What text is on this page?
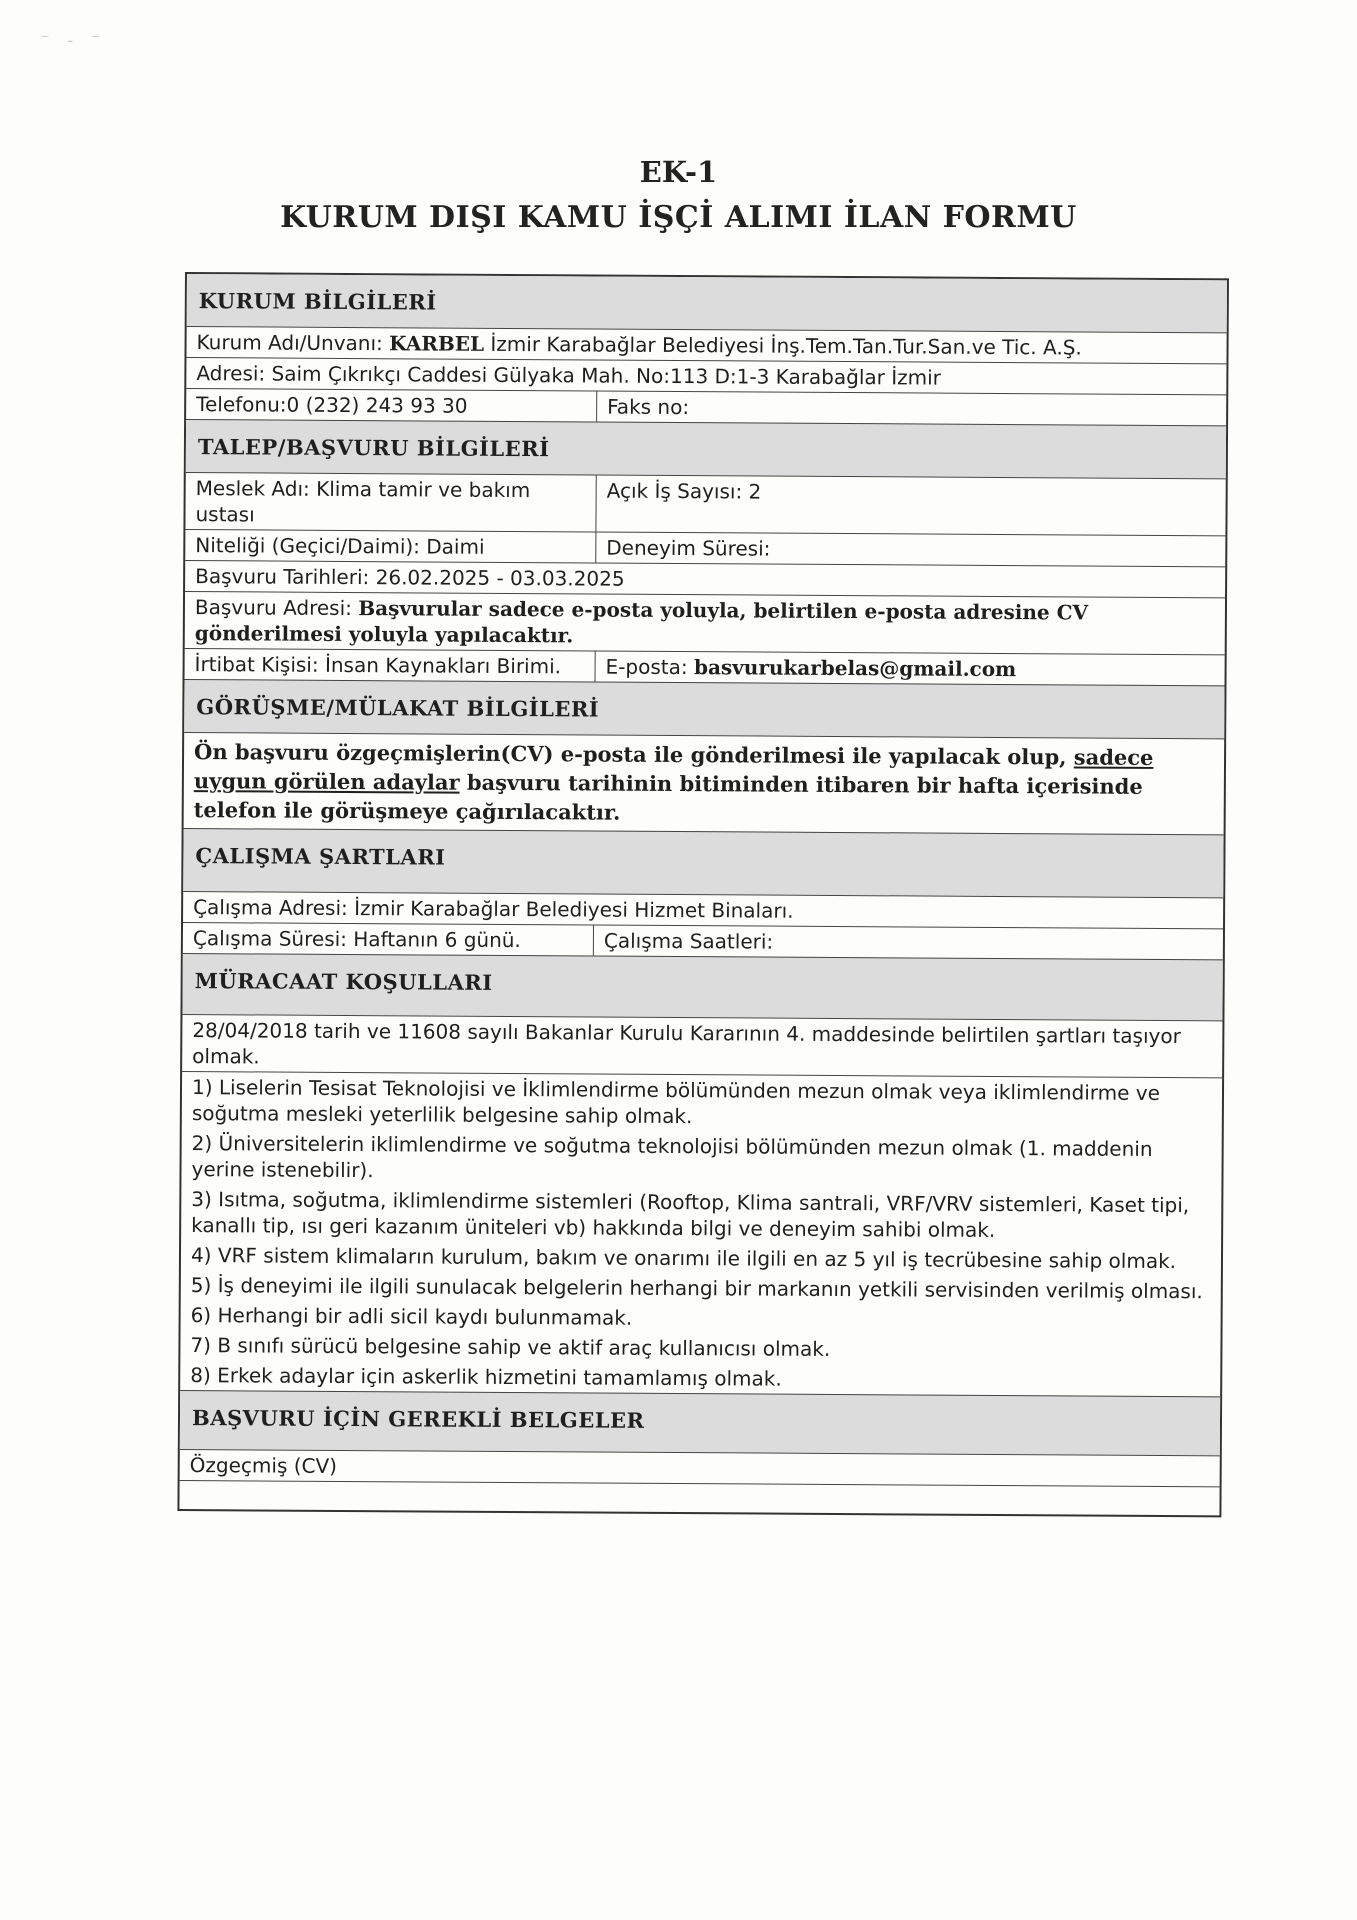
⁻ ˗ ⁻
EK-1
KURUM DIŞI KAMU İŞÇİ ALIMI İLAN FORMU
KURUM BİLGİLERİ
Kurum Adı/Unvanı: KARBEL İzmir Karabağlar Belediyesi İnş.Tem.Tan.Tur.San.ve Tic. A.Ş.
Adresi: Saim Çıkrıkçı Caddesi Gülyaka Mah. No:113 D:1-3 Karabağlar İzmir
Telefonu:0 (232) 243 93 30	Faks no:
TALEP/BAŞVURU BİLGİLERİ
Meslek Adı: Klima tamir ve bakım ustası
Açık İş Sayısı: 2
Niteliği (Geçici/Daimi): Daimi	Deneyim Süresi:
Başvuru Tarihleri: 26.02.2025 - 03.03.2025
Başvuru Adresi: Başvurular sadece e-posta yoluyla, belirtilen e-posta adresine CV gönderilmesi yoluyla yapılacaktır.
İrtibat Kişisi: İnsan Kaynakları Birimi.	E-posta: basvurukarbelas@gmail.com
GÖRÜŞME/MÜLAKAT BİLGİLERİ
Ön başvuru özgeçmişlerin(CV) e-posta ile gönderilmesi ile yapılacak olup, sadece uygun görülen adaylar başvuru tarihinin bitiminden itibaren bir hafta içerisinde telefon ile görüşmeye çağırılacaktır.
ÇALIŞMA ŞARTLARI
Çalışma Adresi: İzmir Karabağlar Belediyesi Hizmet Binaları.
Çalışma Süresi: Haftanın 6 günü.	Çalışma Saatleri:
MÜRACAAT KOŞULLARI
28/04/2018 tarih ve 11608 sayılı Bakanlar Kurulu Kararının 4. maddesinde belirtilen şartları taşıyor olmak.
1) Liselerin Tesisat Teknolojisi ve İklimlendirme bölümünden mezun olmak veya iklimlendirme ve soğutma mesleki yeterlilik belgesine sahip olmak.
2) Üniversitelerin iklimlendirme ve soğutma teknolojisi bölümünden mezun olmak (1. maddenin yerine istenebilir).
3) Isıtma, soğutma, iklimlendirme sistemleri (Rooftop, Klima santrali, VRF/VRV sistemleri, Kaset tipi, kanallı tip, ısı geri kazanım üniteleri vb) hakkında bilgi ve deneyim sahibi olmak.
4) VRF sistem klimaların kurulum, bakım ve onarımı ile ilgili en az 5 yıl iş tecrübesine sahip olmak.
5) İş deneyimi ile ilgili sunulacak belgelerin herhangi bir markanın yetkili servisinden verilmiş olması.
6) Herhangi bir adli sicil kaydı bulunmamak.
7) B sınıfı sürücü belgesine sahip ve aktif araç kullanıcısı olmak.
8) Erkek adaylar için askerlik hizmetini tamamlamış olmak.
BAŞVURU İÇİN GEREKLİ BELGELER
Özgeçmiş (CV)
